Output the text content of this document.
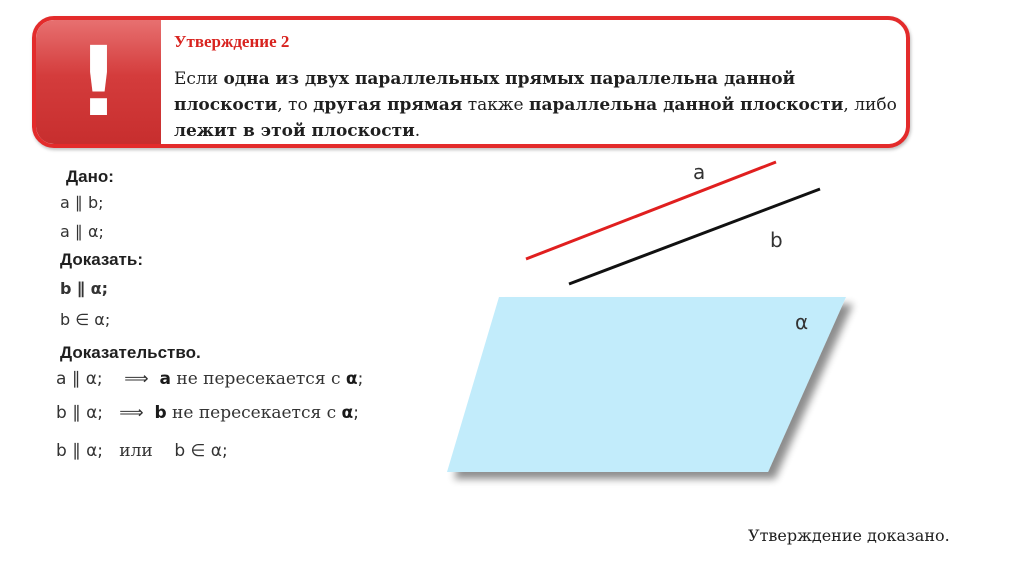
!	Утверждение 2
Если одна из двух параллельных прямых параллельна данной плоскости, то другая прямая также параллельна данной плоскости, либо лежит в этой плоскости.
Дано:
a ∥ b;
a ∥ α;
Доказать:
b ∥ α;
b ∈ α;
Доказательство.
a ∥ α; ⟹ a не пересекается с α;
b ∥ α; ⟹ b не пересекается с α;
b ∥ α; или b ∈ α;
a
b
α
Утверждение доказано.
